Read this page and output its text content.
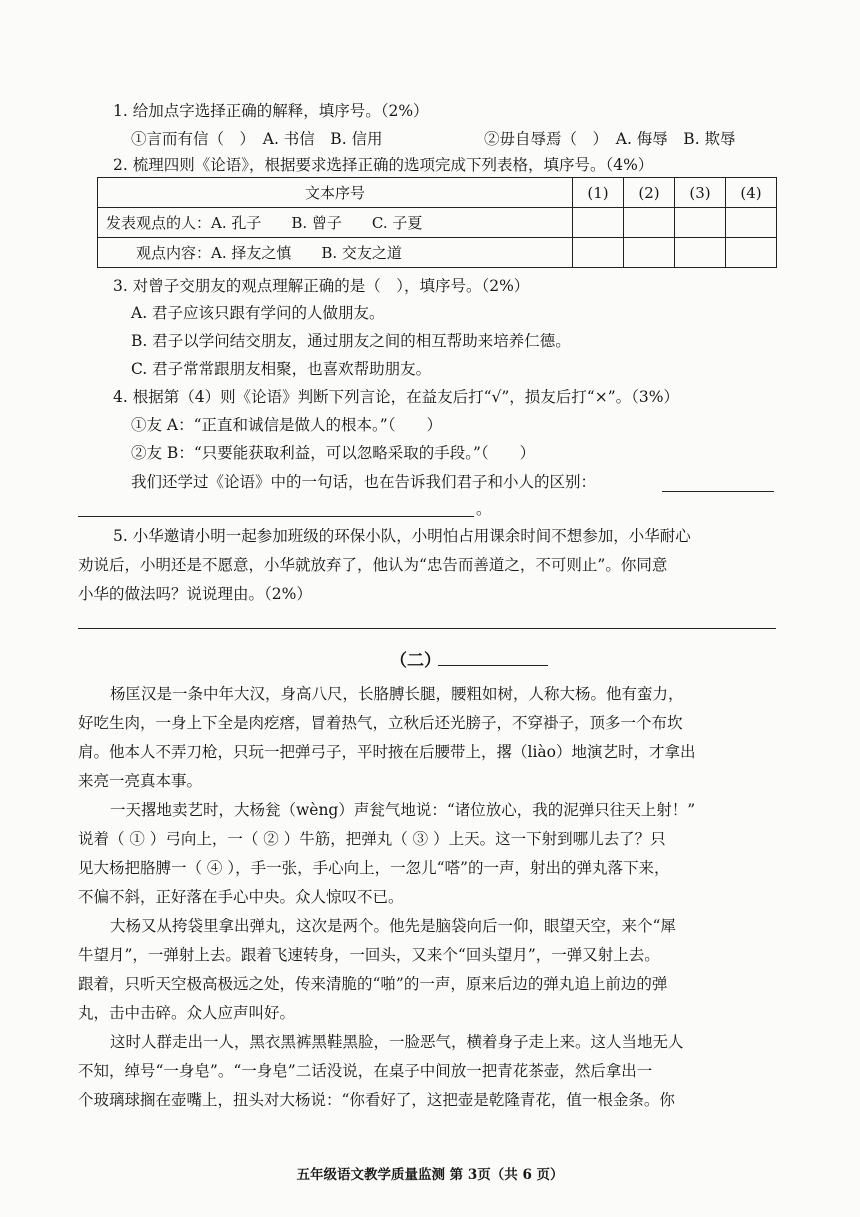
1. 给加点字选择正确的解释，填序号。（2%）
①言而有信（　）　A. 书信　B. 信用	②毋自辱焉（　）　A. 侮辱　B. 欺辱
2. 梳理四则《论语》，根据要求选择正确的选项完成下列表格，填序号。（4%）
文本序号	(1)	(2)	(3)	(4)
发表观点的人：A. 孔子　　B. 曾子　　C. 子夏				
观点内容：A. 择友之慎　　B. 交友之道				
3. 对曾子交朋友的观点理解正确的是（　），填序号。（2%）
A. 君子应该只跟有学问的人做朋友。
B. 君子以学问结交朋友，通过朋友之间的相互帮助来培养仁德。
C. 君子常常跟朋友相聚，也喜欢帮助朋友。
4. 根据第（4）则《论语》判断下列言论，在益友后打“√”，损友后打“×”。（3%）
①友 A：“正直和诚信是做人的根本。”（　　）
②友 B：“只要能获取利益，可以忽略采取的手段。”（　　）
我们还学过《论语》中的一句话，也在告诉我们君子和小人的区别：
。
5. 小华邀请小明一起参加班级的环保小队，小明怕占用课余时间不想参加，小华耐心
劝说后，小明还是不愿意，小华就放弃了，他认为“忠告而善道之，不可则止”。你同意
小华的做法吗？说说理由。（2%）
（二）
杨匡汉是一条中年大汉，身高八尺，长胳膊长腿，腰粗如树，人称大杨。他有蛮力，
好吃生肉，一身上下全是肉疙瘩，冒着热气，立秋后还光膀子，不穿褂子，顶多一个布坎
肩。他本人不弄刀枪，只玩一把弹弓子，平时掖在后腰带上，撂（liào）地演艺时，才拿出
来亮一亮真本事。
一天撂地卖艺时，大杨瓮（wèng）声瓮气地说：“诸位放心，我的泥弹只往天上射！”
说着（ ① ）弓向上，一（ ② ）牛筋，把弹丸（ ③ ）上天。这一下射到哪儿去了？只
见大杨把胳膊一（ ④ ），手一张，手心向上，一忽儿“嗒”的一声，射出的弹丸落下来，
不偏不斜，正好落在手心中央。众人惊叹不已。
大杨又从挎袋里拿出弹丸，这次是两个。他先是脑袋向后一仰，眼望天空，来个“犀
牛望月”，一弹射上去。跟着飞速转身，一回头，又来个“回头望月”，一弹又射上去。
跟着，只听天空极高极远之处，传来清脆的“啪”的一声，原来后边的弹丸追上前边的弹
丸，击中击碎。众人应声叫好。
这时人群走出一人，黑衣黑裤黑鞋黑脸，一脸恶气，横着身子走上来。这人当地无人
不知，绰号“一身皂”。“一身皂”二话没说，在桌子中间放一把青花茶壶，然后拿出一
个玻璃球搁在壶嘴上，扭头对大杨说：“你看好了，这把壶是乾隆青花，值一根金条。你
五年级语文教学质量监测 第 3页（共 6 页）
